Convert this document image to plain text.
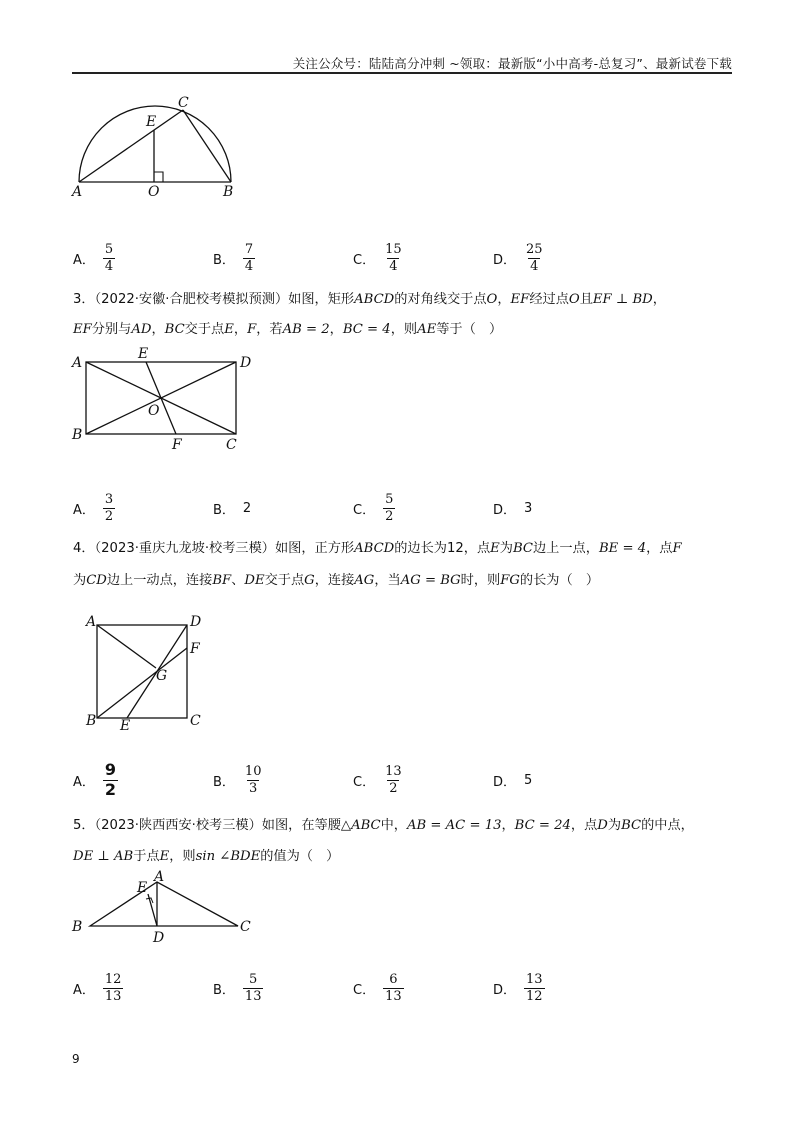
关注公众号：陆陆高分冲刺 ~领取：最新版“小中高考-总复习”、最新试卷下载
A	O	B
E
C
A． $\frac{5}{4}$	B． $\frac{7}{4}$	C． $\frac{15}{4}$	D． $\frac{25}{4}$
3．（2022·安徽·合肥校考模拟预测）如图，矩形ABCD的对角线交于点O，EF经过点O且EF ⊥ BD，
EF分别与AD，BC交于点E，F，若AB = 2，BC = 4，则AE等于（　）
A
B
D
C
E
F
O
A． $\frac{3}{2}$	B． 2	C． $\frac{5}{2}$	D． 3
4．（2023·重庆九龙坡·校考三模）如图，正方形ABCD的边长为12，点E为BC边上一点，BE = 4，点F
为CD边上一动点，连接BF、DE交于点G，连接AG，当AG = BG时，则FG的长为（　）
A	D
F
G
B E	C
A． $\frac{9}{2}$	B． $\frac{10}{3}$	C． $\frac{13}{2}$	D． 5
5．（2023·陕西西安·校考三模）如图，在等腰△ABC中，AB = AC = 13，BC = 24，点D为BC的中点，
DE ⊥ AB于点E，则sin ∠BDE的值为（　）
B	C
A
E
D
A． $\frac{12}{13}$	B． $\frac{5}{13}$	C． $\frac{6}{13}$	D． $\frac{13}{12}$
9
